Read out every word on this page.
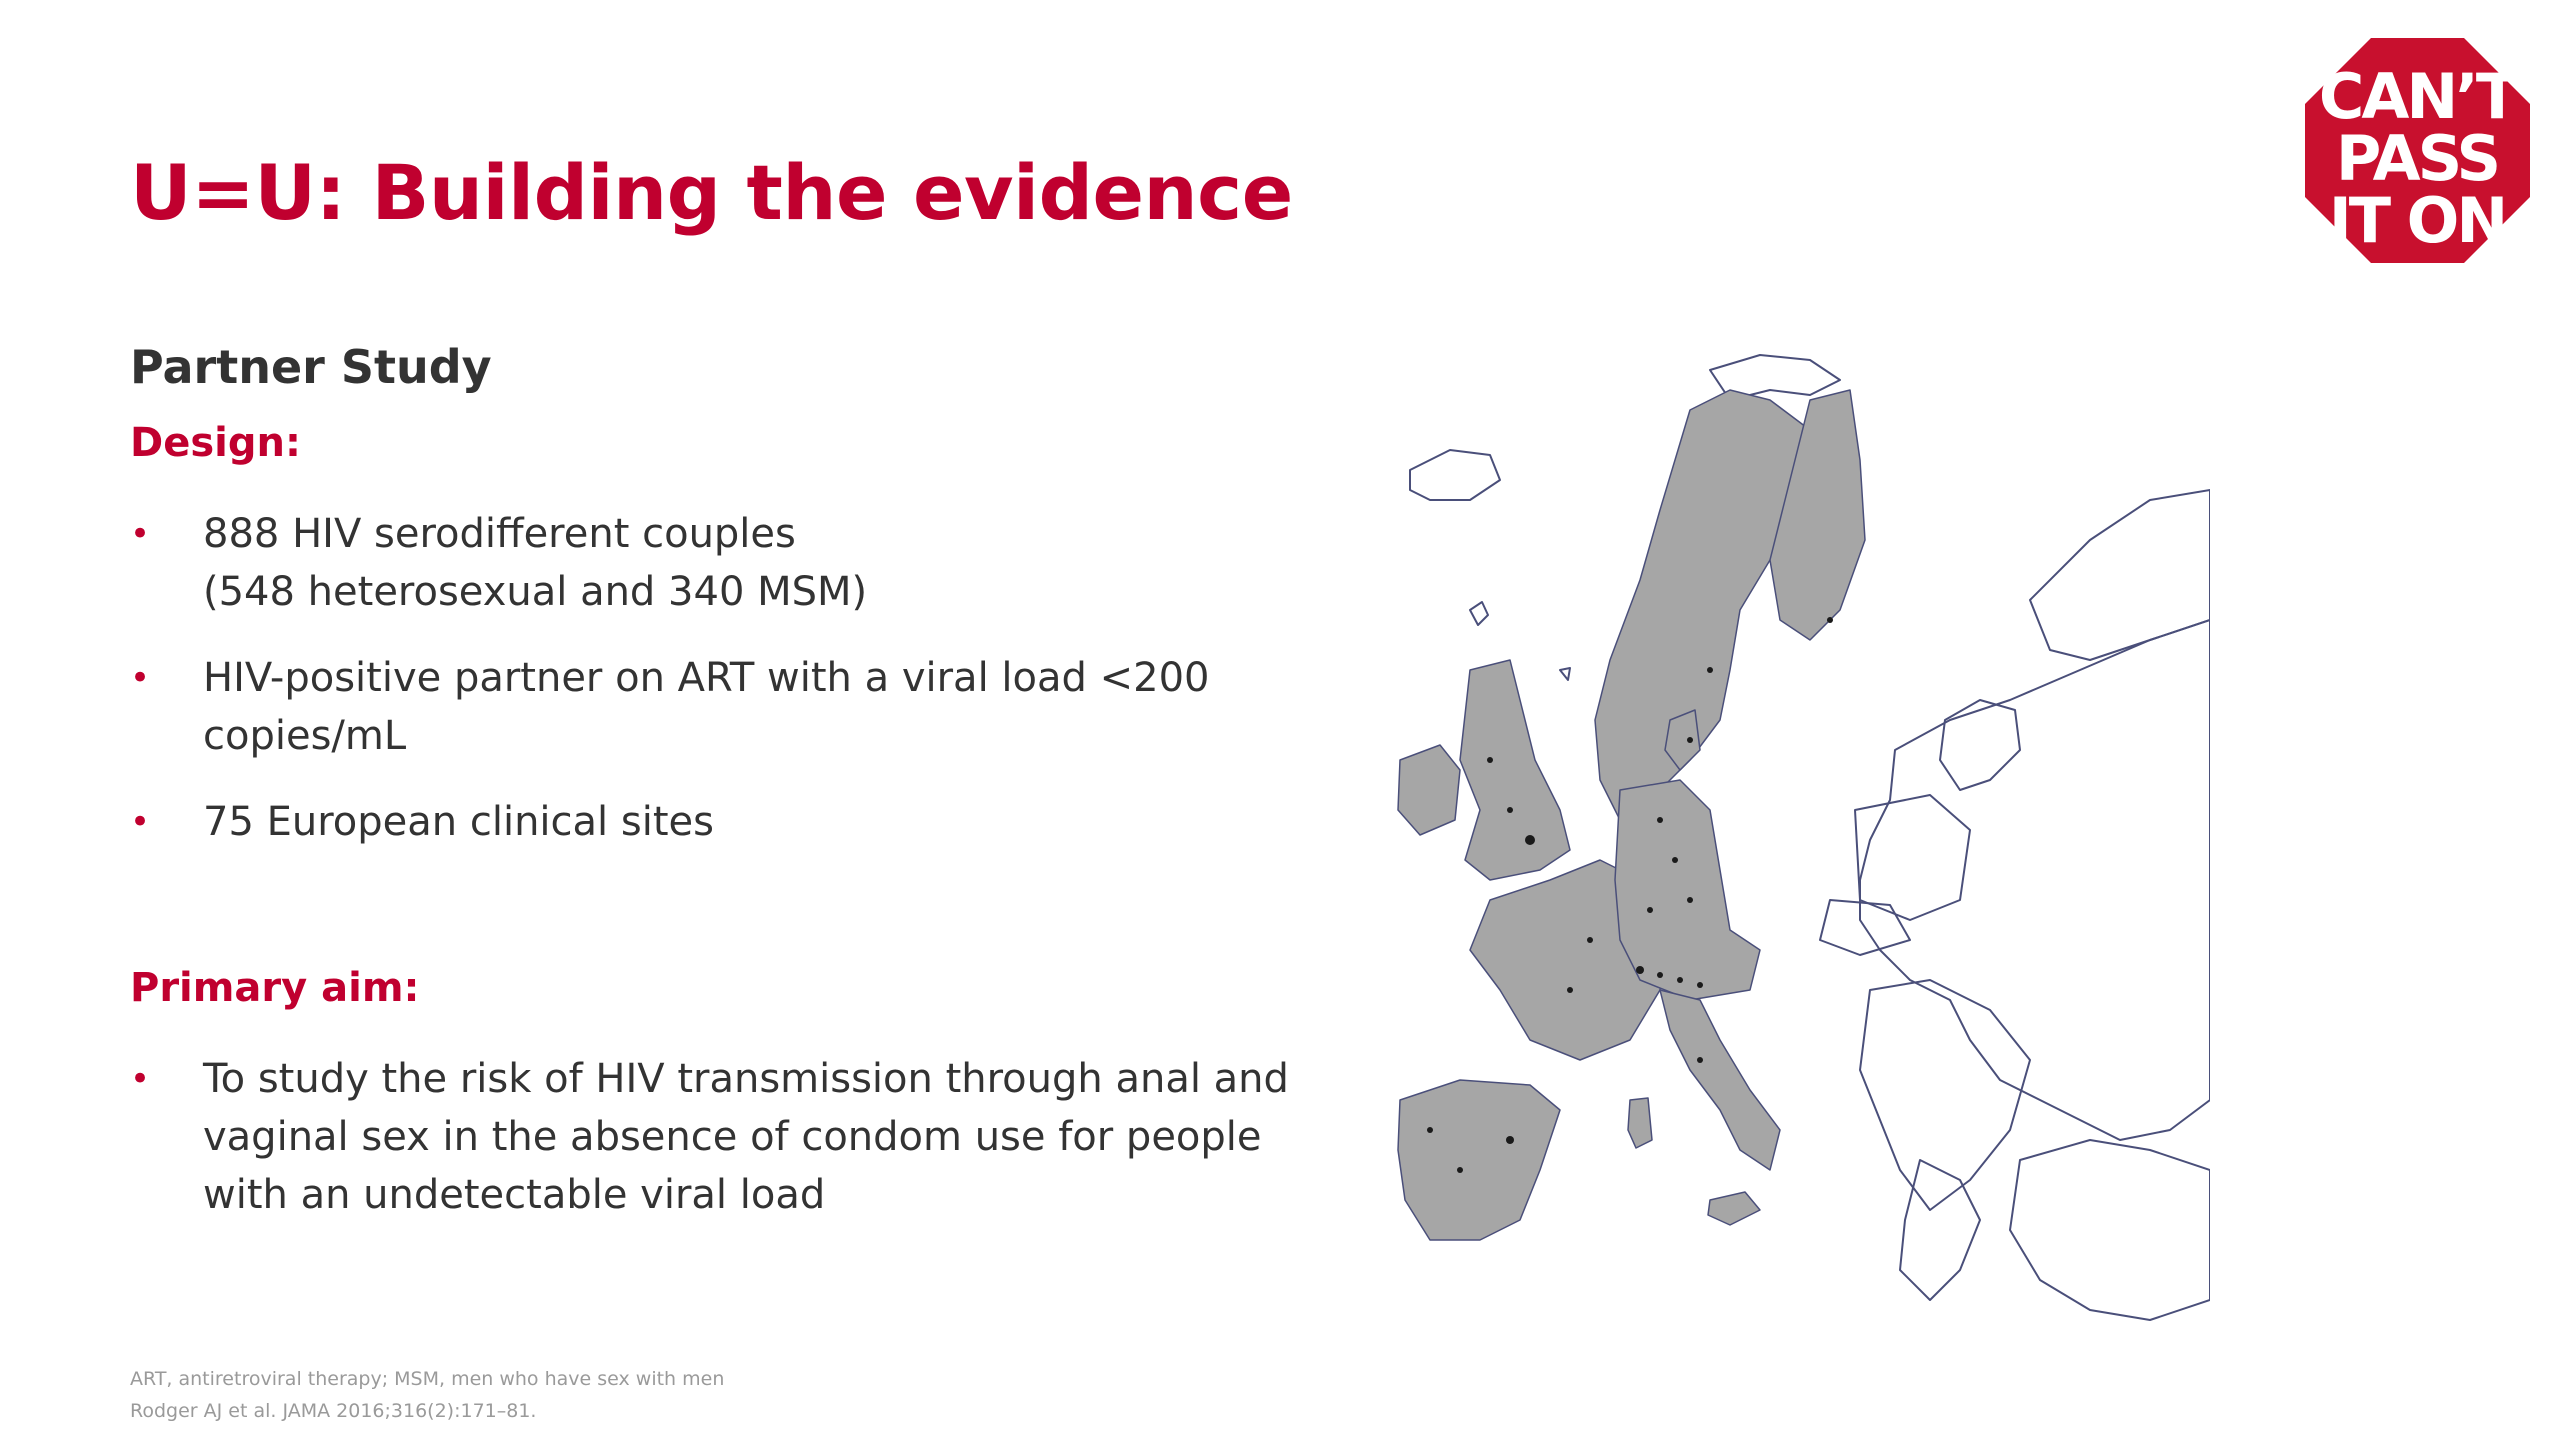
U=U: Building the evidence
CAN’T
PASS
IT ON
Partner Study
Design:
• 888 HIV serodifferent couples
(548 heterosexual and 340 MSM)
• HIV-positive partner on ART with a viral load <200
copies/mL
• 75 European clinical sites
Primary aim:
• To study the risk of HIV transmission through anal and
vaginal sex in the absence of condom use for people
with an undetectable viral load
ART, antiretroviral therapy; MSM, men who have sex with men
Rodger AJ et al. JAMA 2016;316(2):171–81.
